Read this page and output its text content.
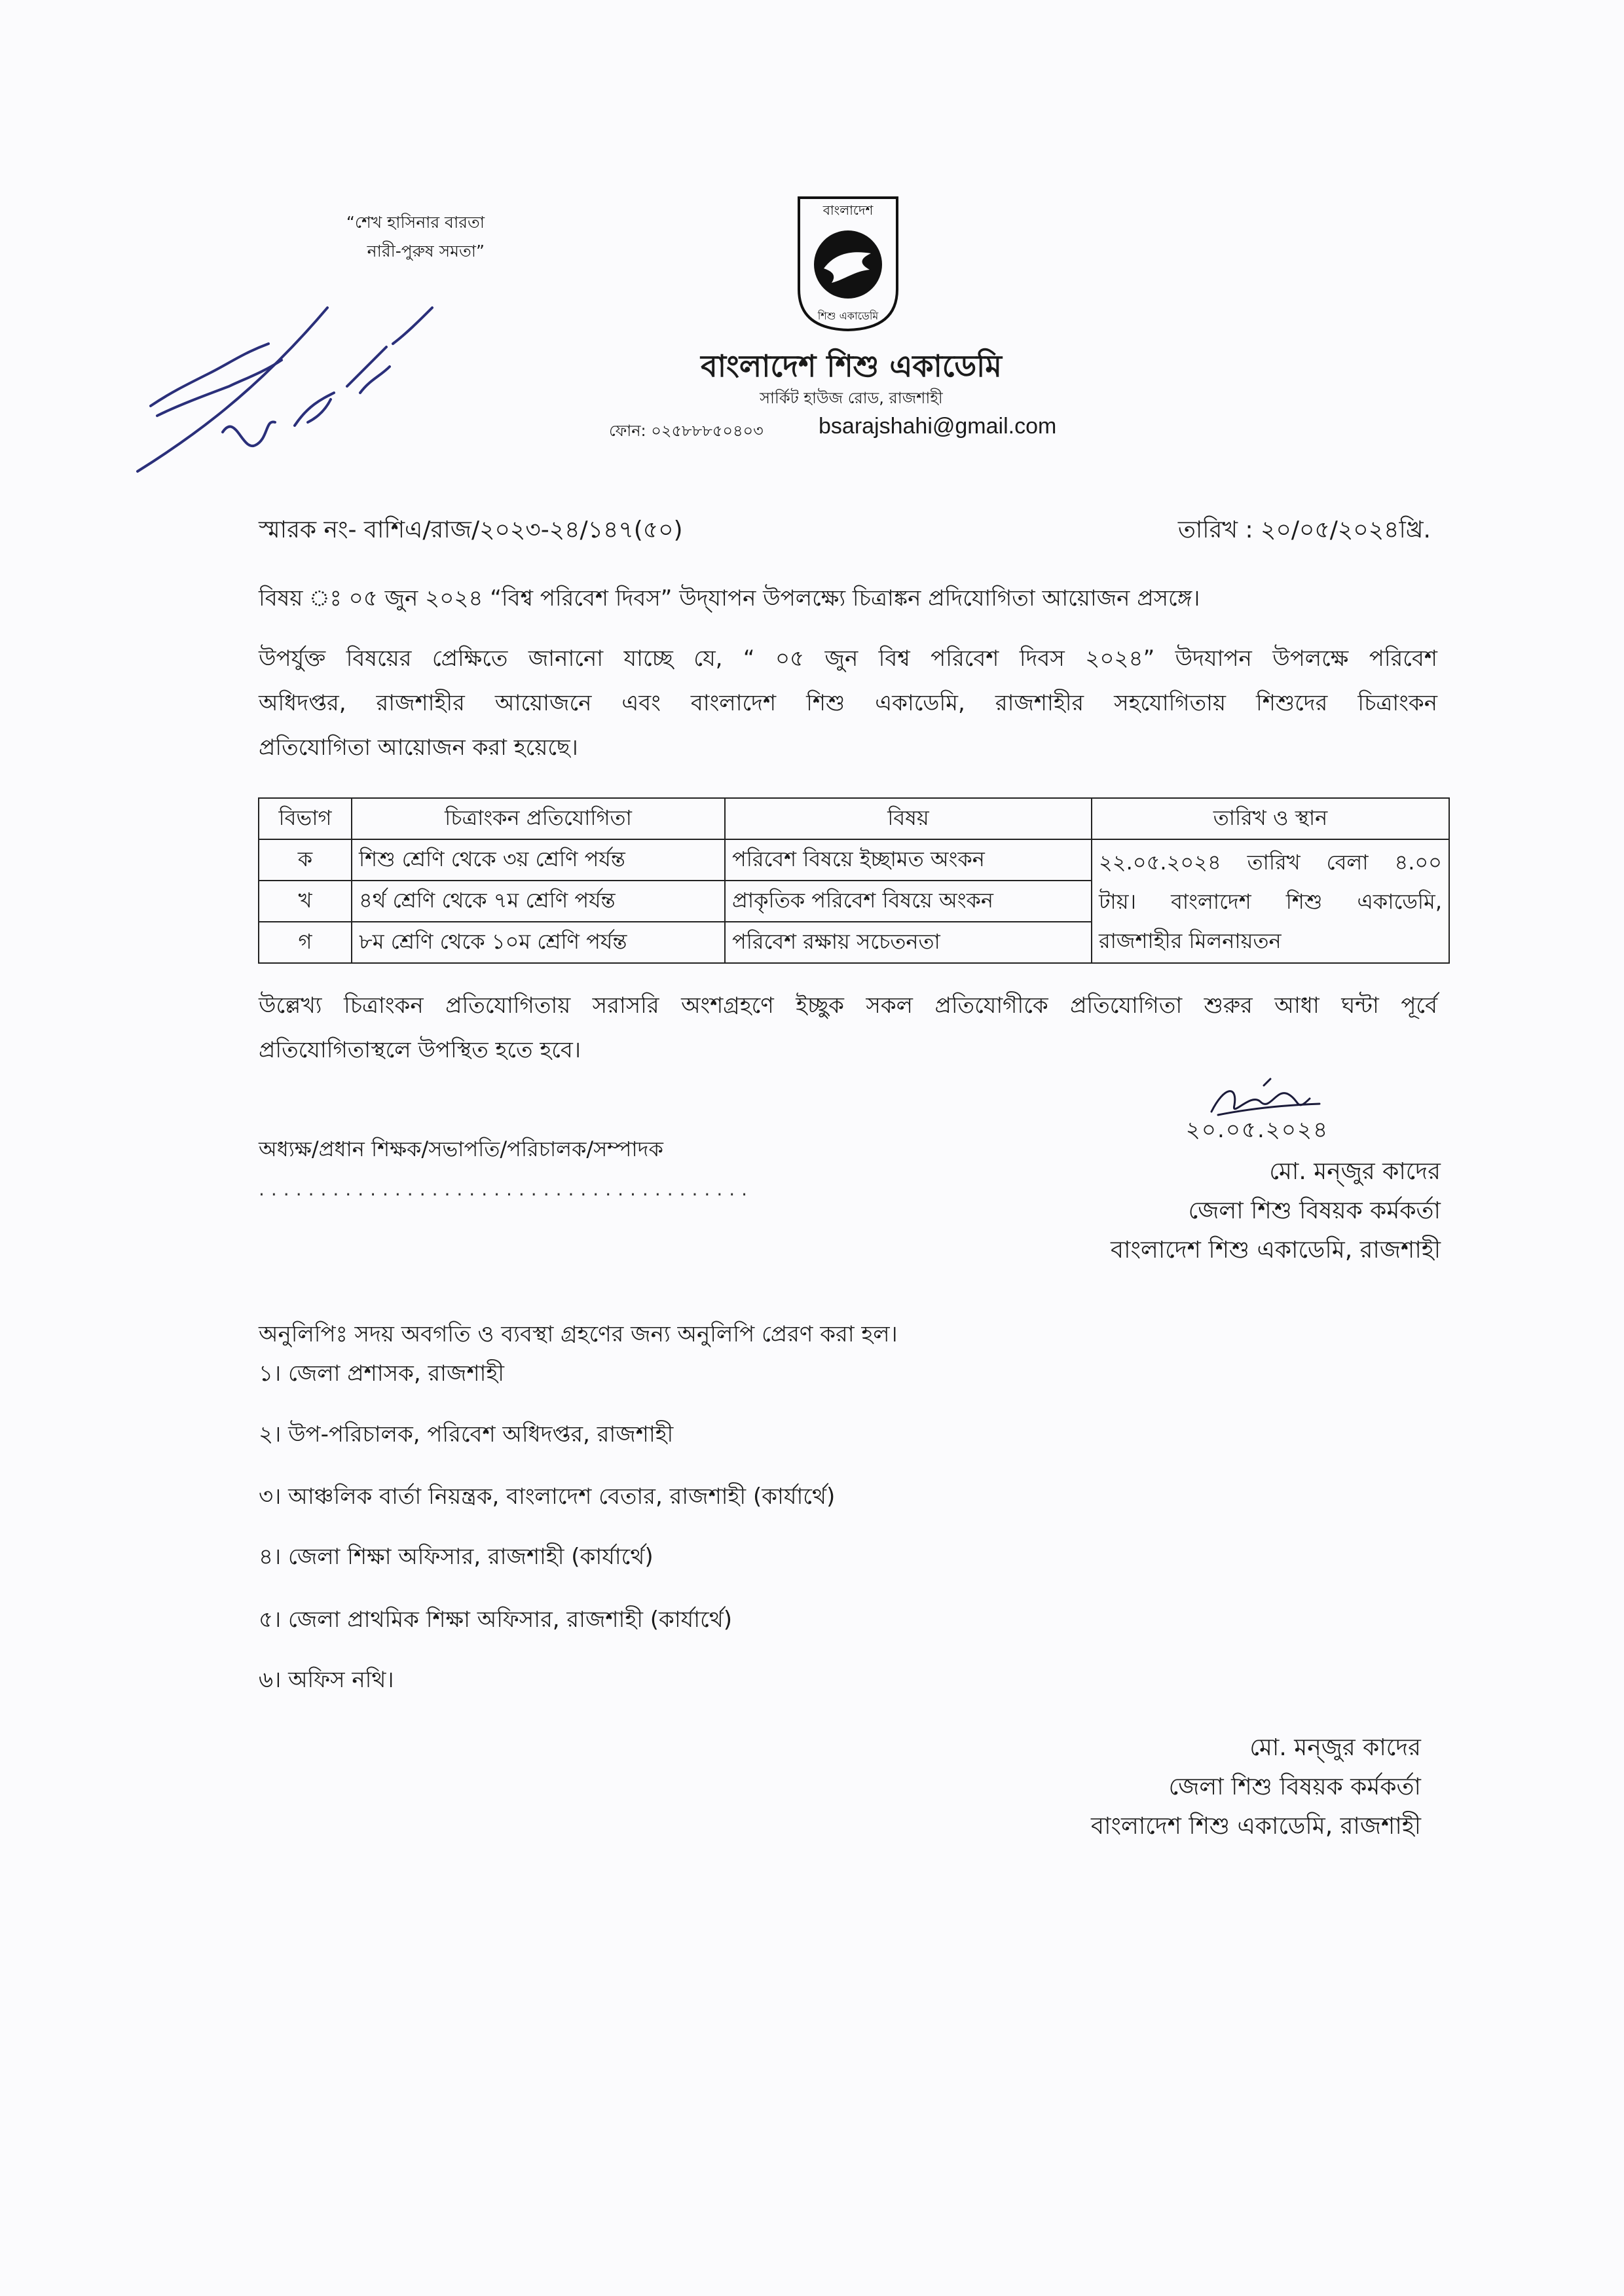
“শেখ হাসিনার বারতা
নারী-পুরুষ সমতা”
বাংলাদেশ
শিশু একাডেমি
বাংলাদেশ শিশু একাডেমি
সার্কিট হাউজ রোড, রাজশাহী
ফোন: ০২৫৮৮৮৫০৪০৩ bsarajshahi@gmail.com
স্মারক নং- বাশিএ/রাজ/২০২৩-২৪/১৪৭(৫০)	তারিখ : ২০/০৫/২০২৪খ্রি.
বিষয় ঃ ০৫ জুন ২০২৪ “বিশ্ব পরিবেশ দিবস” উদ্‌যাপন উপলক্ষ্যে চিত্রাঙ্কন প্রদিযোগিতা আয়োজন প্রসঙ্গে।
উপর্যুক্ত বিষয়ের প্রেক্ষিতে জানানো যাচ্ছে যে, “ ০৫ জুন বিশ্ব পরিবেশ দিবস ২০২৪” উদযাপন উপলক্ষে পরিবেশ
অধিদপ্তর, রাজশাহীর আয়োজনে এবং বাংলাদেশ শিশু একাডেমি, রাজশাহীর সহযোগিতায় শিশুদের চিত্রাংকন
প্রতিযোগিতা আয়োজন করা হয়েছে।
বিভাগ	চিত্রাংকন প্রতিযোগিতা	বিষয়	তারিখ ও স্থান
ক	শিশু শ্রেণি থেকে ৩য় শ্রেণি পর্যন্ত	পরিবেশ বিষয়ে ইচ্ছামত অংকন	২২.০৫.২০২৪ তারিখ বেলা ৪.০০
টায়। বাংলাদেশ শিশু একাডেমি,
রাজশাহীর মিলনায়তন

খ	৪র্থ শ্রেণি থেকে ৭ম শ্রেণি পর্যন্ত	প্রাকৃতিক পরিবেশ বিষয়ে অংকন	
গ	৮ম শ্রেণি থেকে ১০ম শ্রেণি পর্যন্ত	পরিবেশ রক্ষায় সচেতনতা	
উল্লেখ্য চিত্রাংকন প্রতিযোগিতায় সরাসরি অংশগ্রহণে ইচ্ছুক সকল প্রতিযোগীকে প্রতিযোগিতা শুরুর আধা ঘন্টা পূর্বে
প্রতিযোগিতাস্থলে উপস্থিত হতে হবে।
অধ্যক্ষ/প্রধান শিক্ষক/সভাপতি/পরিচালক/সম্পাদক
........................................
২০.০৫.২০২৪
মো. মন্‌জুর কাদের
জেলা শিশু বিষয়ক কর্মকর্তা
বাংলাদেশ শিশু একাডেমি, রাজশাহী
অনুলিপিঃ সদয় অবগতি ও ব্যবস্থা গ্রহণের জন্য অনুলিপি প্রেরণ করা হল।
১। জেলা প্রশাসক, রাজশাহী
২। উপ-পরিচালক, পরিবেশ অধিদপ্তর, রাজশাহী
৩। আঞ্চলিক বার্তা নিয়ন্ত্রক, বাংলাদেশ বেতার, রাজশাহী (কার্যার্থে)
৪। জেলা শিক্ষা অফিসার, রাজশাহী (কার্যার্থে)
৫। জেলা প্রাথমিক শিক্ষা অফিসার, রাজশাহী (কার্যার্থে)
৬। অফিস নথি।
মো. মন্‌জুর কাদের
জেলা শিশু বিষয়ক কর্মকর্তা
বাংলাদেশ শিশু একাডেমি, রাজশাহী
